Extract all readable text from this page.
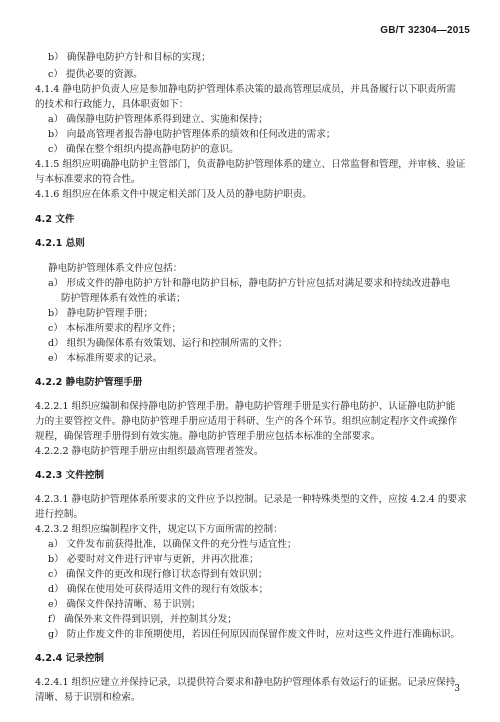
GB/T 32304—2015
b） 确保静电防护方针和目标的实现；
c） 提供必要的资源。
4.1.4 静电防护负责人应是参加静电防护管理体系决策的最高管理层成员，并具备履行以下职责所需
的技术和行政能力，具体职责如下：
a） 确保静电防护管理体系得到建立、实施和保持；
b） 向最高管理者报告静电防护管理体系的绩效和任何改进的需求；
c） 确保在整个组织内提高静电防护的意识。
4.1.5 组织应明确静电防护主管部门，负责静电防护管理体系的建立、日常监督和管理，并审核、验证
与本标准要求的符合性。
4.1.6 组织应在体系文件中规定相关部门及人员的静电防护职责。
4.2 文件
4.2.1 总则
静电防护管理体系文件应包括：
a） 形成文件的静电防护方针和静电防护目标，静电防护方针应包括对满足要求和持续改进静电
防护管理体系有效性的承诺；
b） 静电防护管理手册；
c） 本标准所要求的程序文件；
d） 组织为确保体系有效策划、运行和控制所需的文件；
e） 本标准所要求的记录。
4.2.2 静电防护管理手册
4.2.2.1 组织应编制和保持静电防护管理手册。静电防护管理手册是实行静电防护、认证静电防护能
力的主要管控文件。静电防护管理手册应适用于科研、生产的各个环节。组织应制定程序文件或操作
规程，确保管理手册得到有效实施。静电防护管理手册应包括本标准的全部要求。
4.2.2.2 静电防护管理手册应由组织最高管理者签发。
4.2.3 文件控制
4.2.3.1 静电防护管理体系所要求的文件应予以控制。记录是一种特殊类型的文件，应按 4.2.4 的要求
进行控制。
4.2.3.2 组织应编制程序文件，规定以下方面所需的控制：
a） 文件发布前获得批准，以确保文件的充分性与适宜性；
b） 必要时对文件进行评审与更新，并再次批准；
c） 确保文件的更改和现行修订状态得到有效识别；
d） 确保在使用处可获得适用文件的现行有效版本；
e） 确保文件保持清晰、易于识别；
f） 确保外来文件得到识别，并控制其分发；
g） 防止作废文件的非预期使用，若因任何原因而保留作废文件时，应对这些文件进行准确标识。
4.2.4 记录控制
4.2.4.1 组织应建立并保持记录，以提供符合要求和静电防护管理体系有效运行的证据。记录应保持
清晰、易于识别和检索。
3
